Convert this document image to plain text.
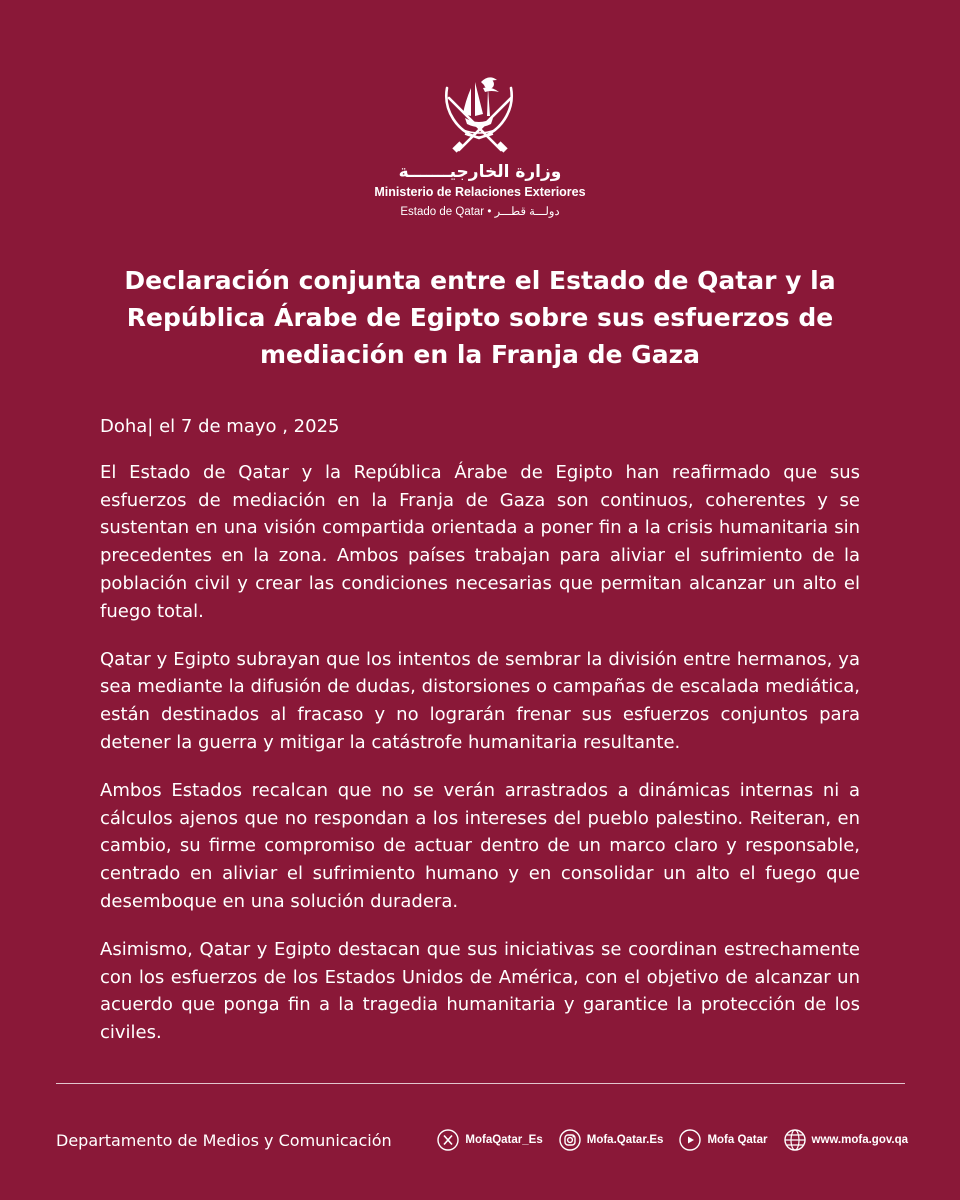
وزارة الخارجيـــــــة
Ministerio de Relaciones Exteriores
Estado de Qatar • دولـــة قطـــر
Declaración conjunta entre el Estado de Qatar y la
República Árabe de Egipto sobre sus esfuerzos de
mediación en la Franja de Gaza

Doha| el 7 de mayo , 2025

El Estado de Qatar y la República Árabe de Egipto han reafirmado que sus esfuerzos de mediación en la Franja de Gaza son continuos, coherentes y se sustentan en una visión compartida orientada a poner fin a la crisis humanitaria sin precedentes en la zona. Ambos países trabajan para aliviar el sufrimiento de la población civil y crear las condiciones necesarias que permitan alcanzar un alto el fuego total.

Qatar y Egipto subrayan que los intentos de sembrar la división entre hermanos, ya sea mediante la difusión de dudas, distorsiones o campañas de escalada mediática, están destinados al fracaso y no lograrán frenar sus esfuerzos conjuntos para detener la guerra y mitigar la catástrofe humanitaria resultante.

Ambos Estados recalcan que no se verán arrastrados a dinámicas internas ni a cálculos ajenos que no respondan a los intereses del pueblo palestino. Reiteran, en cambio, su firme compromiso de actuar dentro de un marco claro y responsable, centrado en aliviar el sufrimiento humano y en consolidar un alto el fuego que desemboque en una solución duradera.

Asimismo, Qatar y Egipto destacan que sus iniciativas se coordinan estrechamente con los esfuerzos de los Estados Unidos de América, con el objetivo de alcanzar un acuerdo que ponga fin a la tragedia humanitaria y garantice la protección de los civiles.

Departamento de Medios y Comunicación	MofaQatar_Es	Mofa.Qatar.Es	Mofa Qatar	www.mofa.gov.qa
